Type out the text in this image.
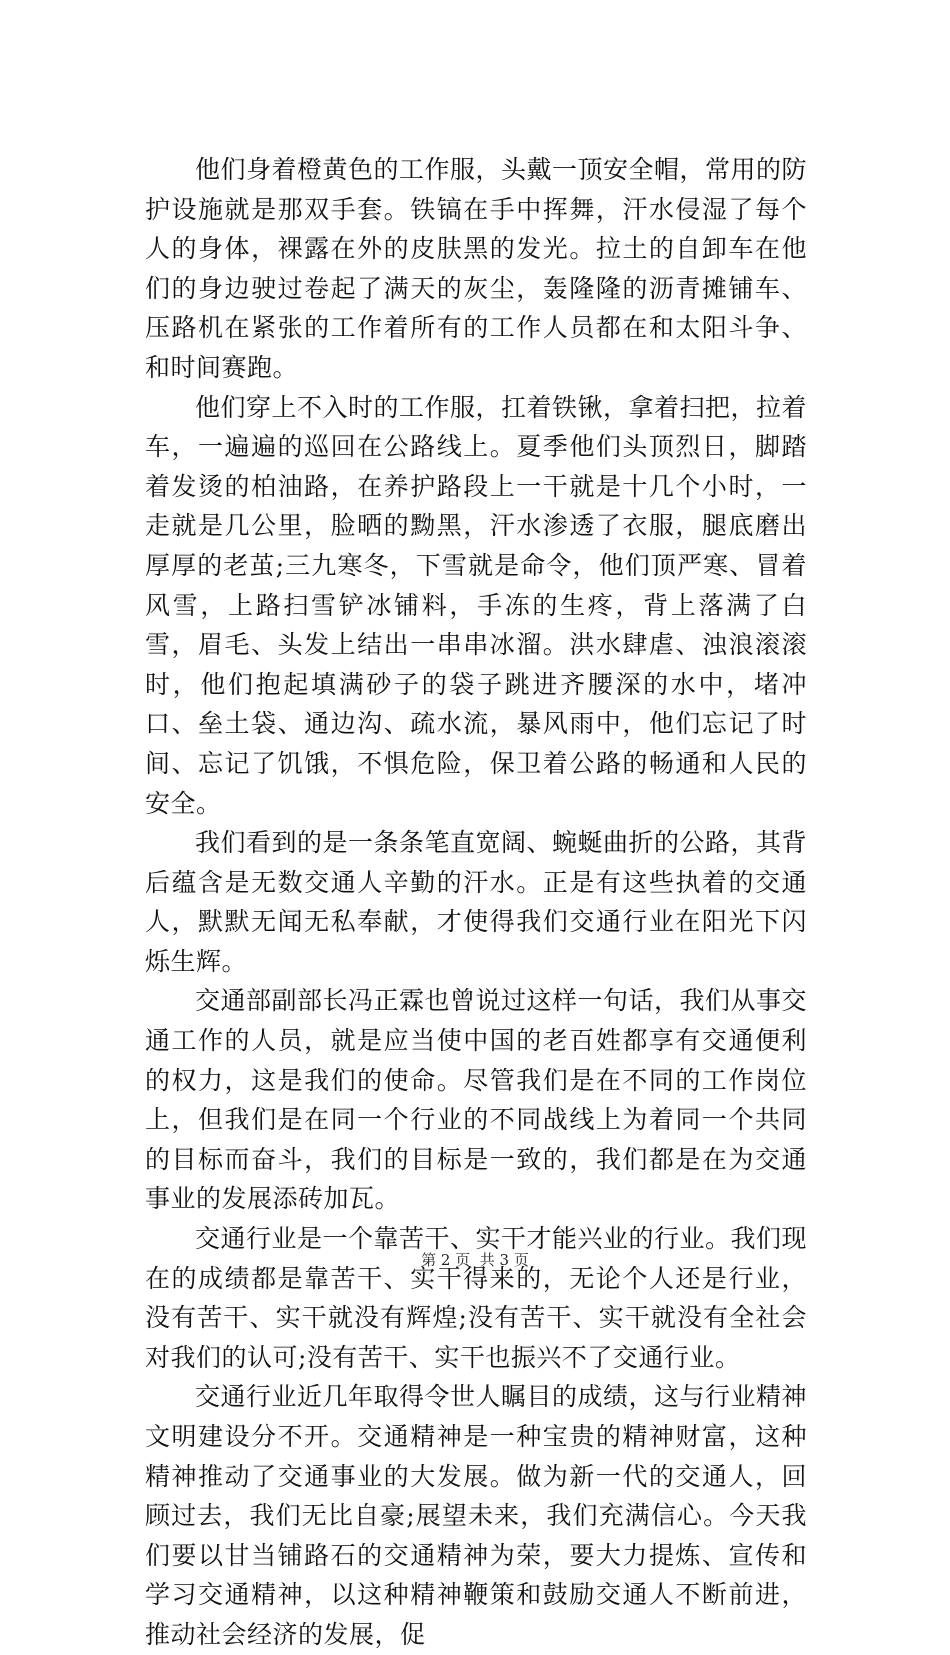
他们身着橙黄色的工作服，头戴一顶安全帽，常用的防护设施就是那双手套。铁镐在手中挥舞，汗水侵湿了每个人的身体，裸露在外的皮肤黑的发光。拉土的自卸车在他们的身边驶过卷起了满天的灰尘，轰隆隆的沥青摊铺车、压路机在紧张的工作着所有的工作人员都在和太阳斗争、和时间赛跑。

他们穿上不入时的工作服，扛着铁锹，拿着扫把，拉着车，一遍遍的巡回在公路线上。夏季他们头顶烈日，脚踏着发烫的柏油路，在养护路段上一干就是十几个小时，一走就是几公里，脸晒的黝黑，汗水渗透了衣服，腿底磨出厚厚的老茧;三九寒冬，下雪就是命令，他们顶严寒、冒着风雪，上路扫雪铲冰铺料，手冻的生疼，背上落满了白雪，眉毛、头发上结出一串串冰溜。洪水肆虐、浊浪滚滚时，他们抱起填满砂子的袋子跳进齐腰深的水中，堵冲口、垒土袋、通边沟、疏水流，暴风雨中，他们忘记了时间、忘记了饥饿，不惧危险，保卫着公路的畅通和人民的安全。

我们看到的是一条条笔直宽阔、蜿蜒曲折的公路，其背后蕴含是无数交通人辛勤的汗水。正是有这些执着的交通人，默默无闻无私奉献，才使得我们交通行业在阳光下闪烁生辉。

交通部副部长冯正霖也曾说过这样一句话，我们从事交通工作的人员，就是应当使中国的老百姓都享有交通便利的权力，这是我们的使命。尽管我们是在不同的工作岗位上，但我们是在同一个行业的不同战线上为着同一个共同的目标而奋斗，我们的目标是一致的，我们都是在为交通事业的发展添砖加瓦。

交通行业是一个靠苦干、实干才能兴业的行业。我们现在的成绩都是靠苦干、实干得来的，无论个人还是行业，没有苦干、实干就没有辉煌;没有苦干、实干就没有全社会对我们的认可;没有苦干、实干也振兴不了交通行业。

交通行业近几年取得令世人瞩目的成绩，这与行业精神文明建设分不开。交通精神是一种宝贵的精神财富，这种精神推动了交通事业的大发展。做为新一代的交通人，回顾过去，我们无比自豪;展望未来，我们充满信心。今天我们要以甘当铺路石的交通精神为荣，要大力提炼、宣传和学习交通精神，以这种精神鞭策和鼓励交通人不断前进，推动社会经济的发展，促

第 2 页  共 3 页
